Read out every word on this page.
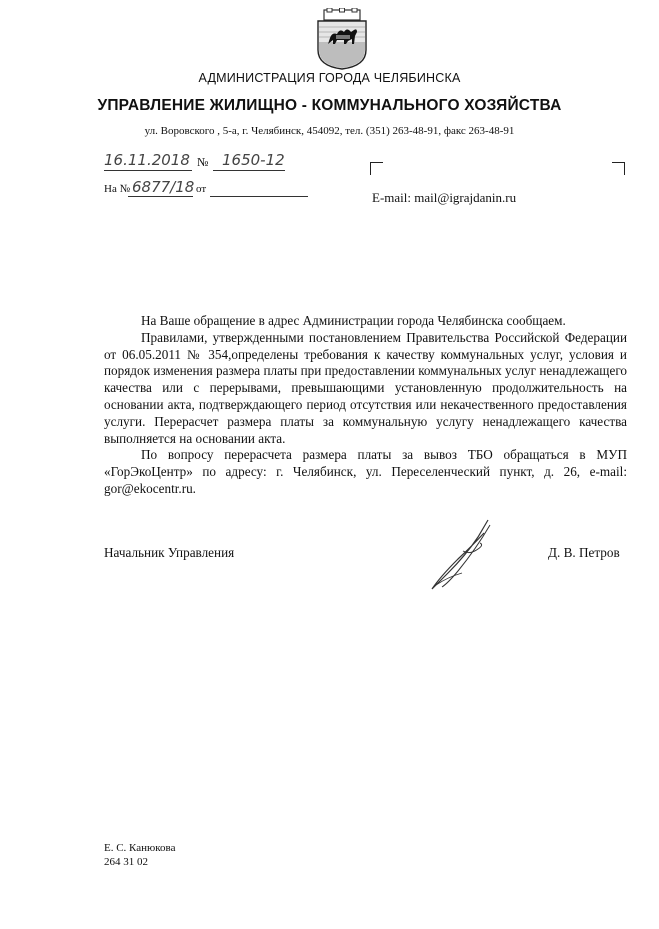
АДМИНИСТРАЦИЯ ГОРОДА ЧЕЛЯБИНСКА
УПРАВЛЕНИЕ ЖИЛИЩНО - КОММУНАЛЬНОГО ХОЗЯЙСТВА
ул. Воровского , 5-а, г. Челябинск, 454092, тел. (351) 263-48-91, факс 263-48-91
16.11.2018 № 1650-12
На № 6877/18 от
E-mail: mail@igrajdanin.ru

На Ваше обращение в адрес Администрации города Челябинска сообщаем.

Правилами, утвержденными постановлением Правительства Российской Федерации от 06.05.2011 № 354,определены требования к качеству коммунальных услуг, условия и порядок изменения размера платы при предоставлении коммунальных услуг ненадлежащего качества или с перерывами, превышающими установленную продолжительность на основании акта, подтверждающего период отсутствия или некачественного предоставления услуги. Перерасчет размера платы за коммунальную услугу ненадлежащего качества выполняется на основании акта.

По вопросу перерасчета размера платы за вывоз ТБО обращаться в МУП «ГорЭкоЦентр» по адресу: г. Челябинск, ул. Переселенческий пункт, д. 26, e-mail: gor@ekocentr.ru.

Начальник Управления	Д. В. Петров
Е. С. Канюкова
264 31 02
